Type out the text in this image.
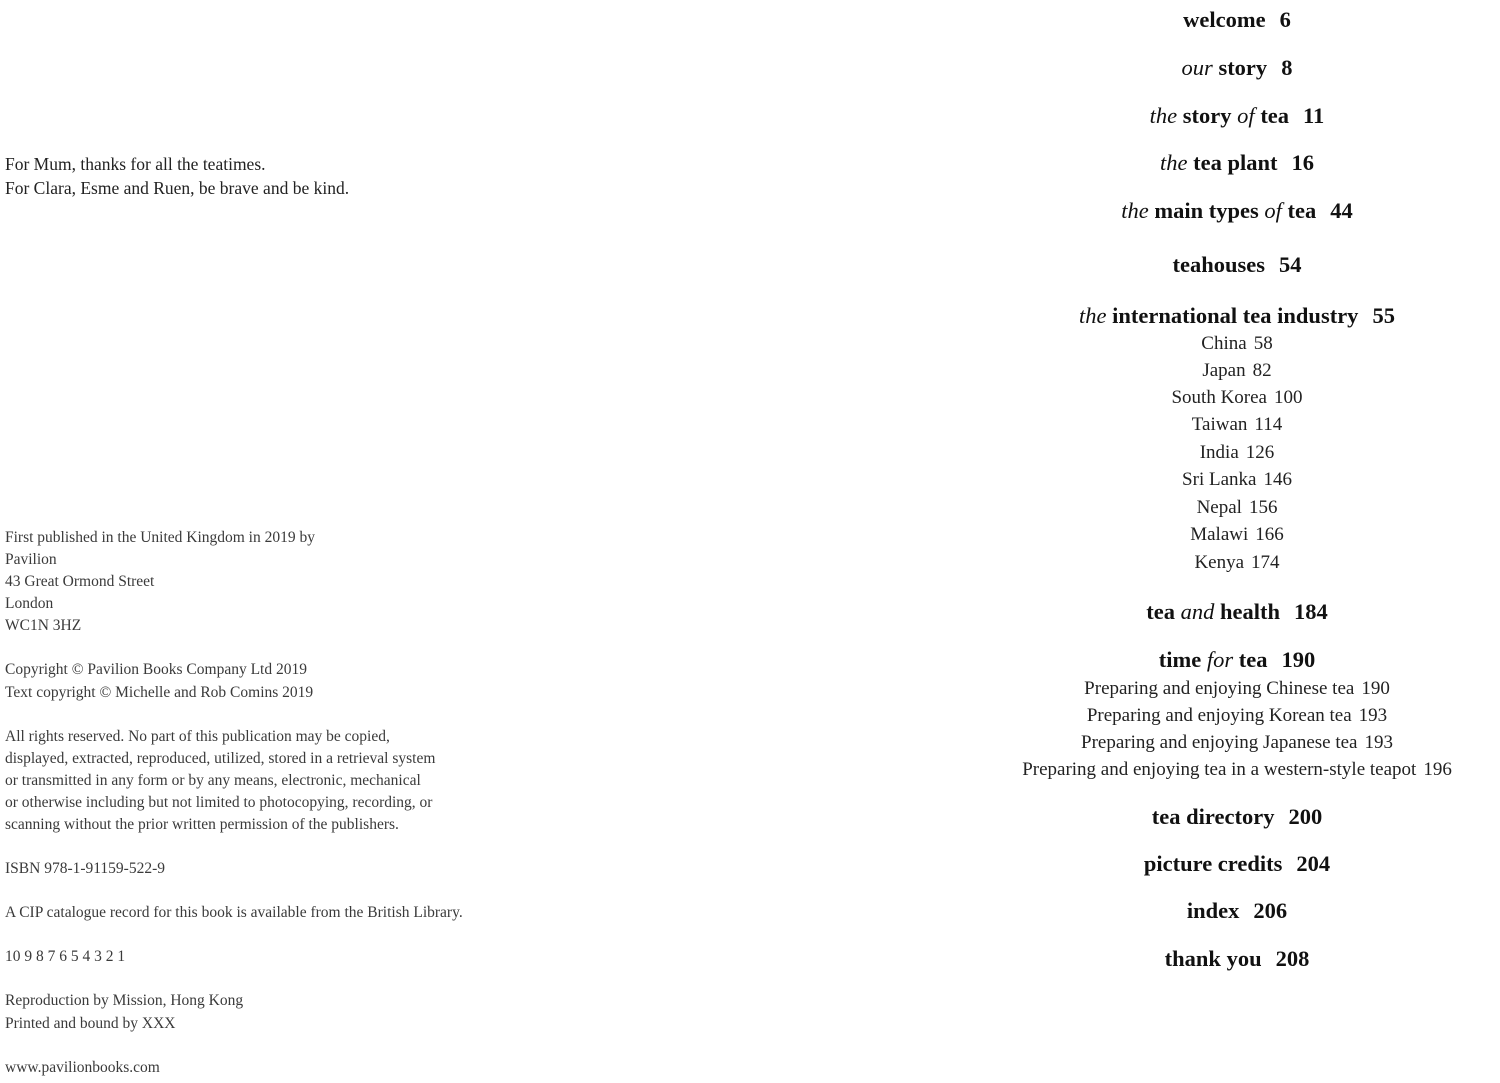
For Mum, thanks for all the teatimes.
For Clara, Esme and Ruen, be brave and be kind.
First published in the United Kingdom in 2019 by
Pavilion
43 Great Ormond Street
London
WC1N 3HZ
Copyright © Pavilion Books Company Ltd 2019
Text copyright © Michelle and Rob Comins 2019
All rights reserved. No part of this publication may be copied,
displayed, extracted, reproduced, utilized, stored in a retrieval system
or transmitted in any form or by any means, electronic, mechanical
or otherwise including but not limited to photocopying, recording, or
scanning without the prior written permission of the publishers.
ISBN 978-1-91159-522-9
A CIP catalogue record for this book is available from the British Library.
10 9 8 7 6 5 4 3 2 1
Reproduction by Mission, Hong Kong
Printed and bound by XXX
www.pavilionbooks.com
welcome 6
our story 8
the story of tea 11
the tea plant 16
the main types of tea 44
teahouses 54
the international tea industry 55
China 58
Japan 82
South Korea 100
Taiwan 114
India 126
Sri Lanka 146
Nepal 156
Malawi 166
Kenya 174
tea and health 184
time for tea 190
Preparing and enjoying Chinese tea 190
Preparing and enjoying Korean tea 193
Preparing and enjoying Japanese tea 193
Preparing and enjoying tea in a western-style teapot 196
tea directory 200
picture credits 204
index 206
thank you 208
